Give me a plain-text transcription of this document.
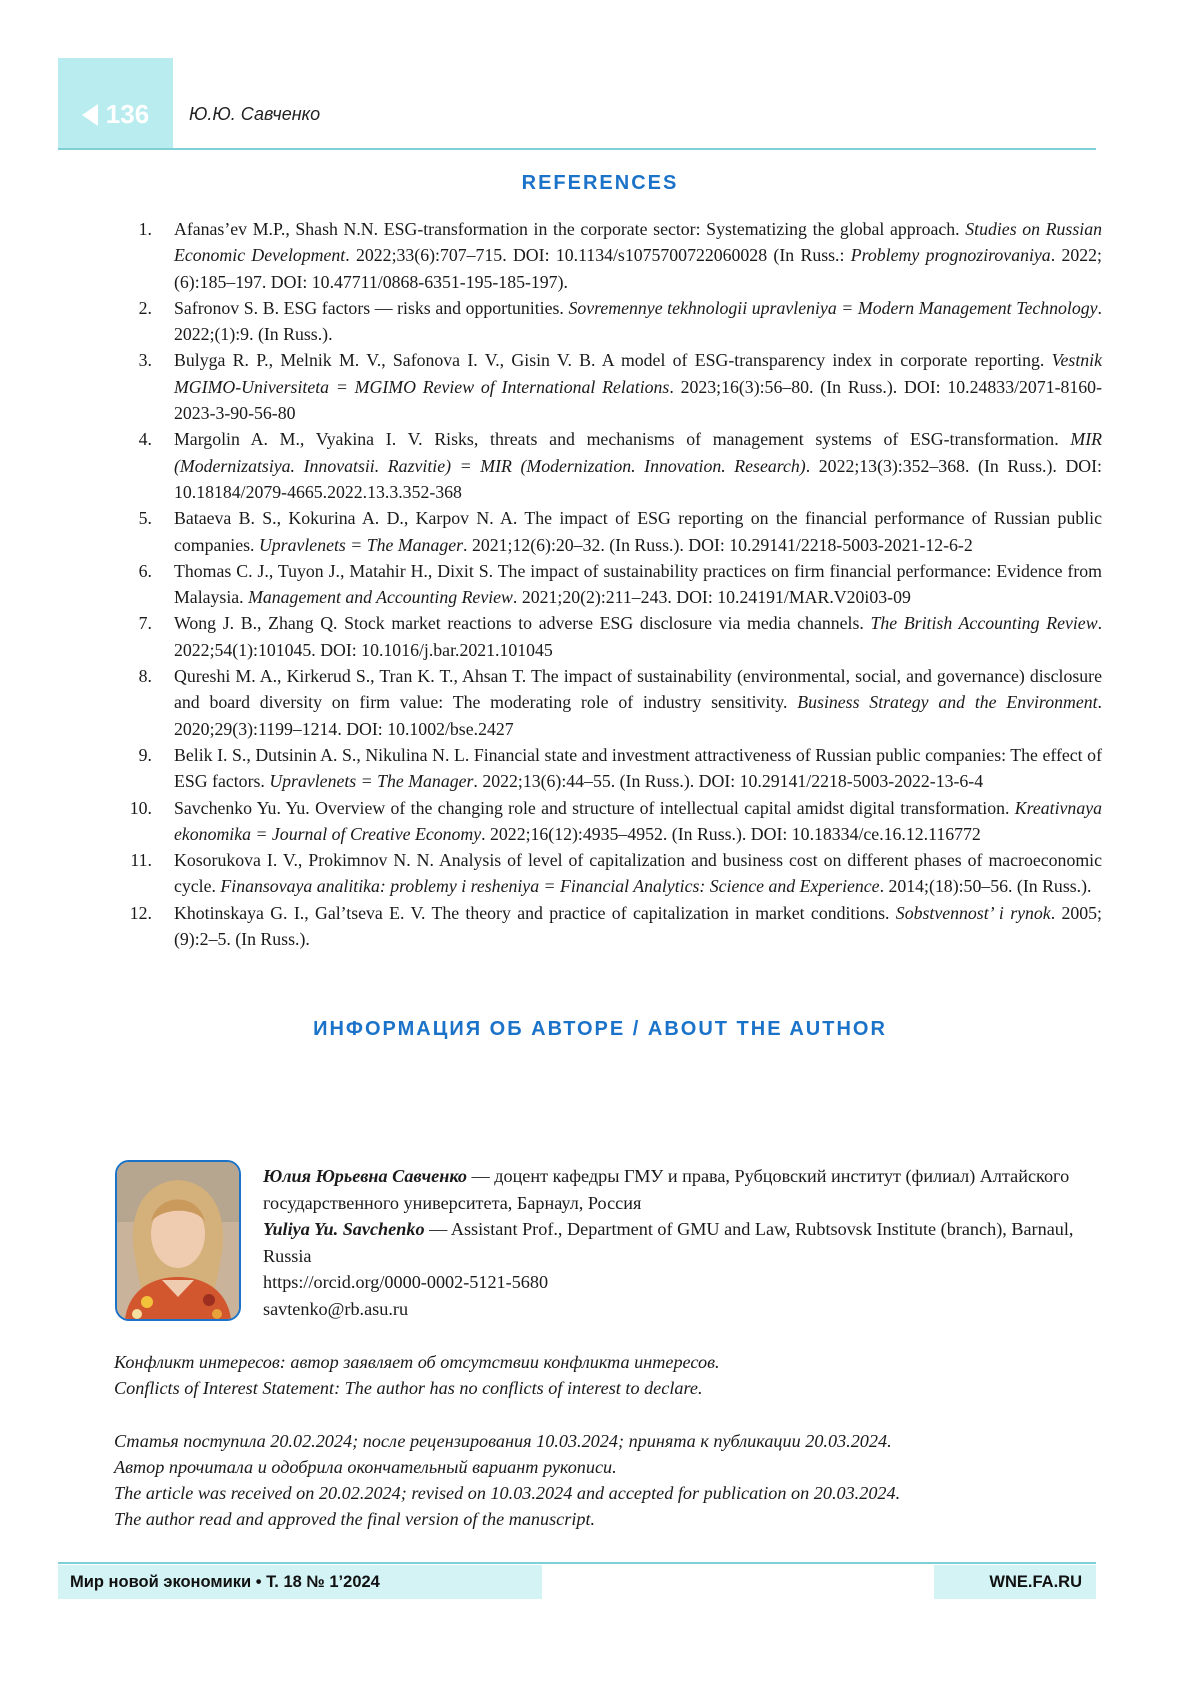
136 Ю.Ю. Савченко
REFERENCES
1. Afanas’ev M.P., Shash N.N. ESG-transformation in the corporate sector: Systematizing the global approach. Studies on Russian Economic Development. 2022;33(6):707–715. DOI: 10.1134/s1075700722060028 (In Russ.: Problemy prognozirovaniya. 2022;(6):185–197. DOI: 10.47711/0868-6351-195-185-197).
2. Safronov S. B. ESG factors — risks and opportunities. Sovremennye tekhnologii upravleniya = Modern Management Technology. 2022;(1):9. (In Russ.).
3. Bulyga R. P., Melnik M. V., Safonova I. V., Gisin V. B. A model of ESG-transparency index in corporate reporting. Vestnik MGIMO-Universiteta = MGIMO Review of International Relations. 2023;16(3):56–80. (In Russ.). DOI: 10.24833/2071-8160-2023-3-90-56-80
4. Margolin A. M., Vyakina I. V. Risks, threats and mechanisms of management systems of ESG-transformation. MIR (Modernizatsiya. Innovatsii. Razvitie) = MIR (Modernization. Innovation. Research). 2022;13(3):352–368. (In Russ.). DOI: 10.18184/2079-4665.2022.13.3.352-368
5. Bataeva B. S., Kokurina A. D., Karpov N. A. The impact of ESG reporting on the financial performance of Russian public companies. Upravlenets = The Manager. 2021;12(6):20–32. (In Russ.). DOI: 10.29141/2218-5003-2021-12-6-2
6. Thomas C. J., Tuyon J., Matahir H., Dixit S. The impact of sustainability practices on firm financial performance: Evidence from Malaysia. Management and Accounting Review. 2021;20(2):211–243. DOI: 10.24191/MAR.V20i03-09
7. Wong J. B., Zhang Q. Stock market reactions to adverse ESG disclosure via media channels. The British Accounting Review. 2022;54(1):101045. DOI: 10.1016/j.bar.2021.101045
8. Qureshi M. A., Kirkerud S., Tran K. T., Ahsan T. The impact of sustainability (environmental, social, and governance) disclosure and board diversity on firm value: The moderating role of industry sensitivity. Business Strategy and the Environment. 2020;29(3):1199–1214. DOI: 10.1002/bse.2427
9. Belik I. S., Dutsinin A. S., Nikulina N. L. Financial state and investment attractiveness of Russian public companies: The effect of ESG factors. Upravlenets = The Manager. 2022;13(6):44–55. (In Russ.). DOI: 10.29141/2218-5003-2022-13-6-4
10. Savchenko Yu. Yu. Overview of the changing role and structure of intellectual capital amidst digital transformation. Kreativnaya ekonomika = Journal of Creative Economy. 2022;16(12):4935–4952. (In Russ.). DOI: 10.18334/ce.16.12.116772
11. Kosorukova I. V., Prokimnov N. N. Analysis of level of capitalization and business cost on different phases of macroeconomic cycle. Finansovaya analitika: problemy i resheniya = Financial Analytics: Science and Experience. 2014;(18):50–56. (In Russ.).
12. Khotinskaya G. I., Gal’tseva E. V. The theory and practice of capitalization in market conditions. Sobstvennost’ i rynok. 2005;(9):2–5. (In Russ.).
ИНФОРМАЦИЯ ОБ АВТОРЕ / ABOUT THE AUTHOR
Юлия Юрьевна Савченко — доцент кафедры ГМУ и права, Рубцовский институт (филиал) Алтайского государственного университета, Барнаул, Россия
Yuliya Yu. Savchenko — Assistant Prof., Department of GMU and Law, Rubtsovsk Institute (branch), Barnaul, Russia
https://orcid.org/0000-0002-5121-5680
savtenko@rb.asu.ru
Конфликт интересов: автор заявляет об отсутствии конфликта интересов.
Conflicts of Interest Statement: The author has no conflicts of interest to declare.
Статья поступила 20.02.2024; после рецензирования 10.03.2024; принята к публикации 20.03.2024.
Автор прочитала и одобрила окончательный вариант рукописи.
The article was received on 20.02.2024; revised on 10.03.2024 and accepted for publication on 20.03.2024.
The author read and approved the final version of the manuscript.
Мир новой экономики • Т. 18 № 1’2024	WNE.FA.RU
